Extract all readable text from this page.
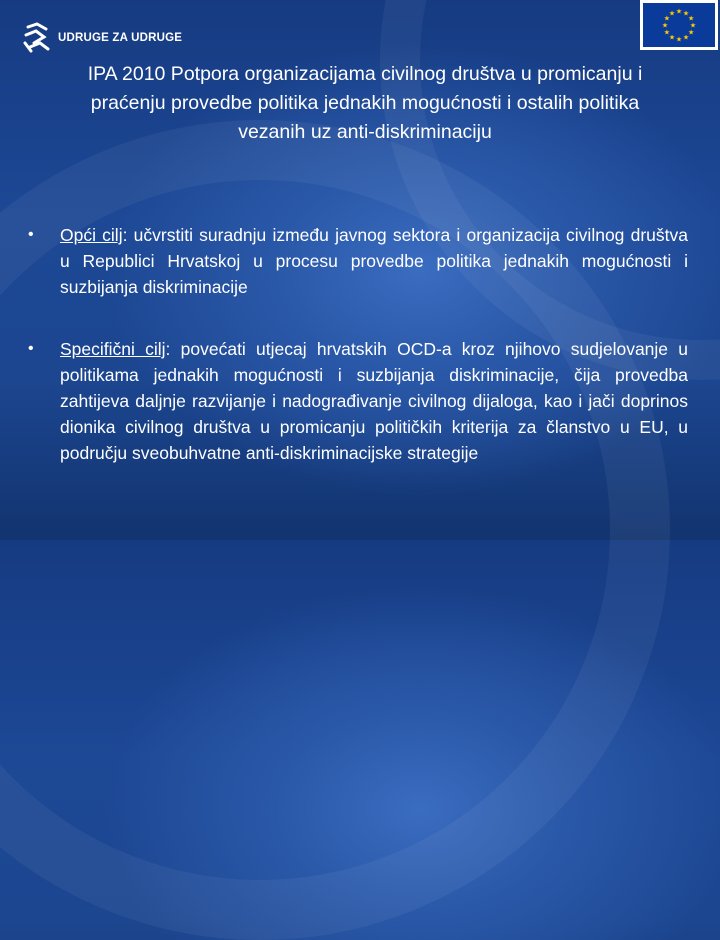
UDRUGE ZA UDRUGE
★ ★
★
★
★
★
★
★
★
★
★
★
IPA 2010 Potpora organizacijama civilnog društva u promicanju i praćenju provedbe politika jednakih mogućnosti i ostalih politika vezanih uz anti-diskriminaciju
•	Opći cilj: učvrstiti suradnju između javnog sektora i organizacija civilnog društva u Republici Hrvatskoj u procesu provedbe politika jednakih mogućnosti i suzbijanja diskriminacije
•	Specifični cilj: povećati utjecaj hrvatskih OCD-a kroz njihovo sudjelovanje u politikama jednakih mogućnosti i suzbijanja diskriminacije, čija provedba zahtijeva daljnje razvijanje i nadograđivanje civilnog dijaloga, kao i jači doprinos dionika civilnog društva u promicanju političkih kriterija za članstvo u EU, u području sveobuhvatne anti-diskriminacijske strategije
